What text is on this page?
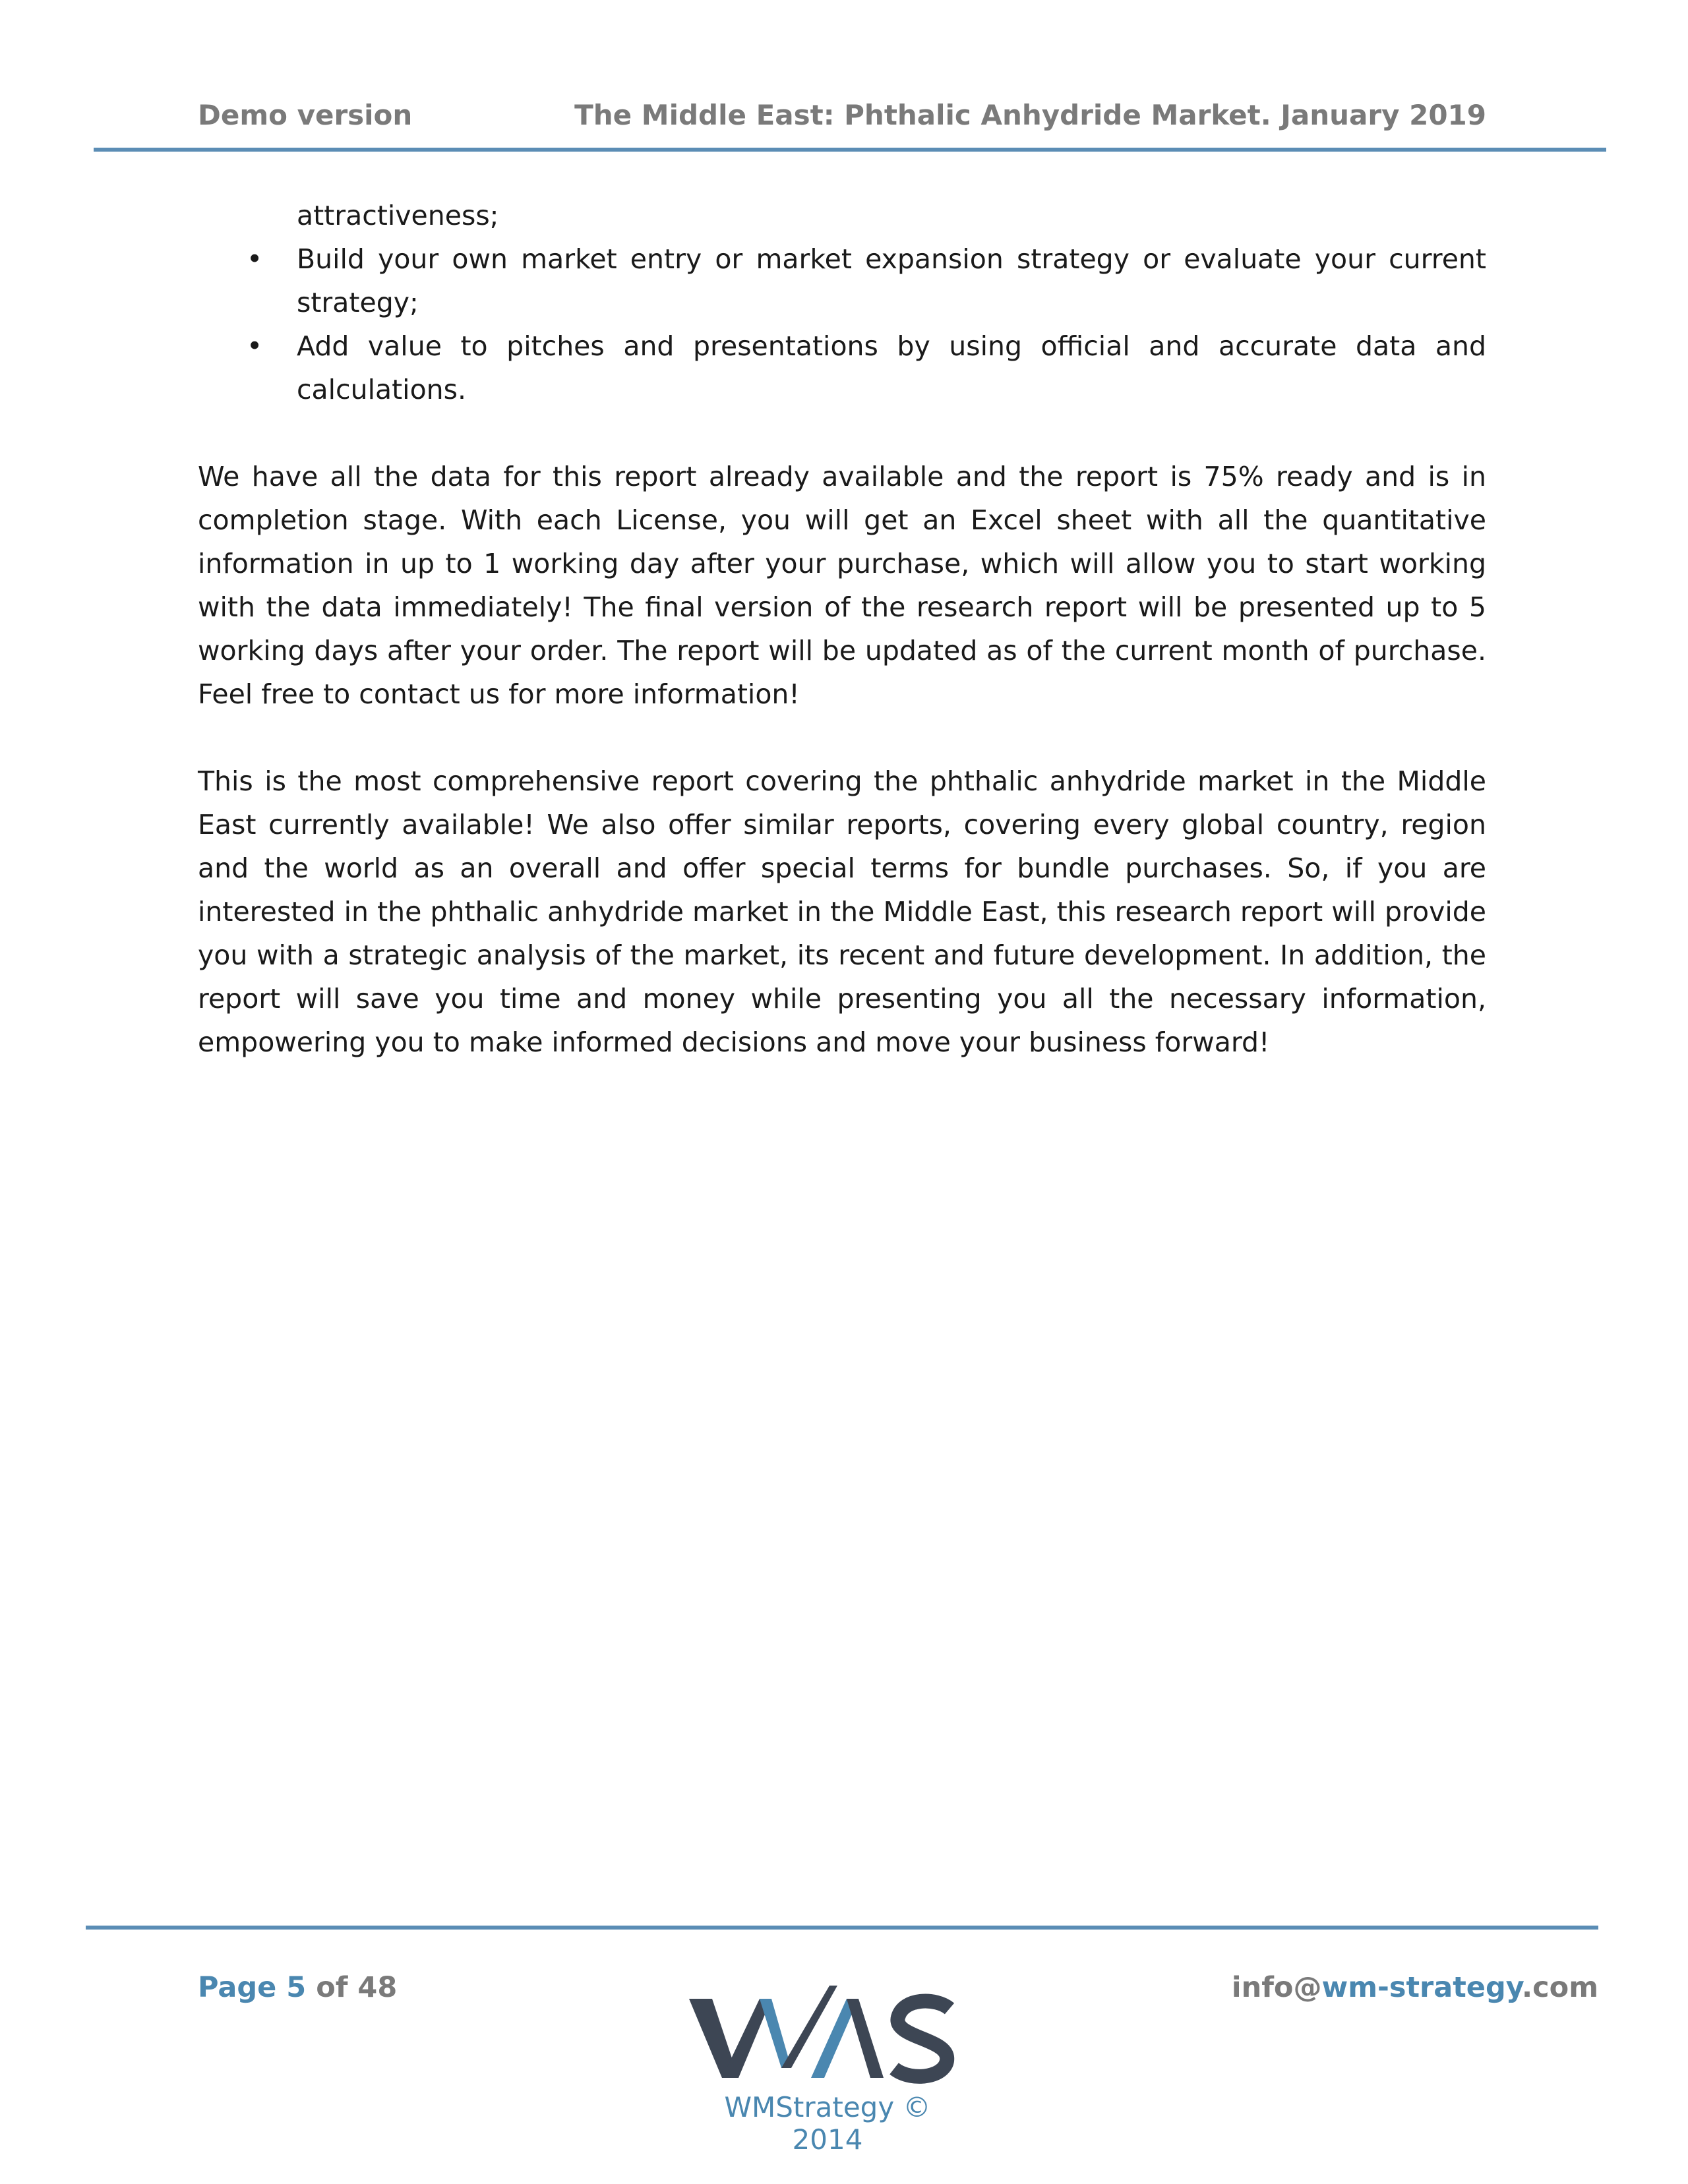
Demo version	The Middle East: Phthalic Anhydride Market. January 2019
attractiveness;
• Build your own market entry or market expansion strategy or evaluate your current strategy;
• Add value to pitches and presentations by using official and accurate data and calculations.

We have all the data for this report already available and the report is 75% ready and is in completion stage. With each License, you will get an Excel sheet with all the quantitative information in up to 1 working day after your purchase, which will allow you to start working with the data immediately! The final version of the research report will be presented up to 5 working days after your order. The report will be updated as of the current month of purchase. Feel free to contact us for more information!

This is the most comprehensive report covering the phthalic anhydride market in the Middle East currently available! We also offer similar reports, covering every global country, region and the world as an overall and offer special terms for bundle purchases. So, if you are interested in the phthalic anhydride market in the Middle East, this research report will provide you with a strategic analysis of the market, its recent and future development. In addition, the report will save you time and money while presenting you all the necessary information, empowering you to make informed decisions and move your business forward!

Page 5 of 48
WMStrategy © 2014
info@wm-strategy.com
